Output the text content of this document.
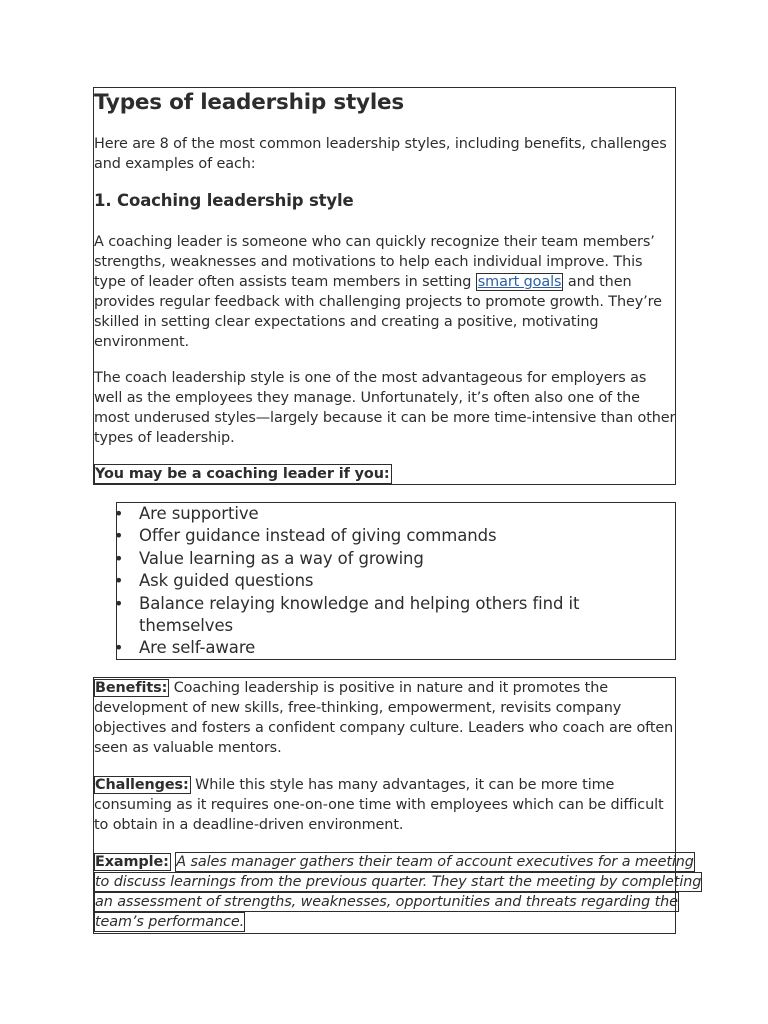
Types of leadership styles

Here are 8 of the most common leadership styles, including benefits, challenges and examples of each:

1. Coaching leadership style

A coaching leader is someone who can quickly recognize their team members’ strengths, weaknesses and motivations to help each individual improve. This type of leader often assists team members in setting smart goals and then provides regular feedback with challenging projects to promote growth. They’re skilled in setting clear expectations and creating a positive, motivating environment.

The coach leadership style is one of the most advantageous for employers as well as the employees they manage. Unfortunately, it’s often also one of the most underused styles—largely because it can be more time-intensive than other types of leadership.

You may be a coaching leader if you:
• Are supportive
• Offer guidance instead of giving commands
• Value learning as a way of growing
• Ask guided questions
• Balance relaying knowledge and helping others find it themselves
• Are self-aware

Benefits: Coaching leadership is positive in nature and it promotes the development of new skills, free-thinking, empowerment, revisits company objectives and fosters a confident company culture. Leaders who coach are often seen as valuable mentors.

Challenges: While this style has many advantages, it can be more time consuming as it requires one-on-one time with employees which can be difficult to obtain in a deadline-driven environment.

Example: A sales manager gathers their team of account executives for a meeting
to discuss learnings from the previous quarter. They start the meeting by completing
an assessment of strengths, weaknesses, opportunities and threats regarding the
team’s performance.
